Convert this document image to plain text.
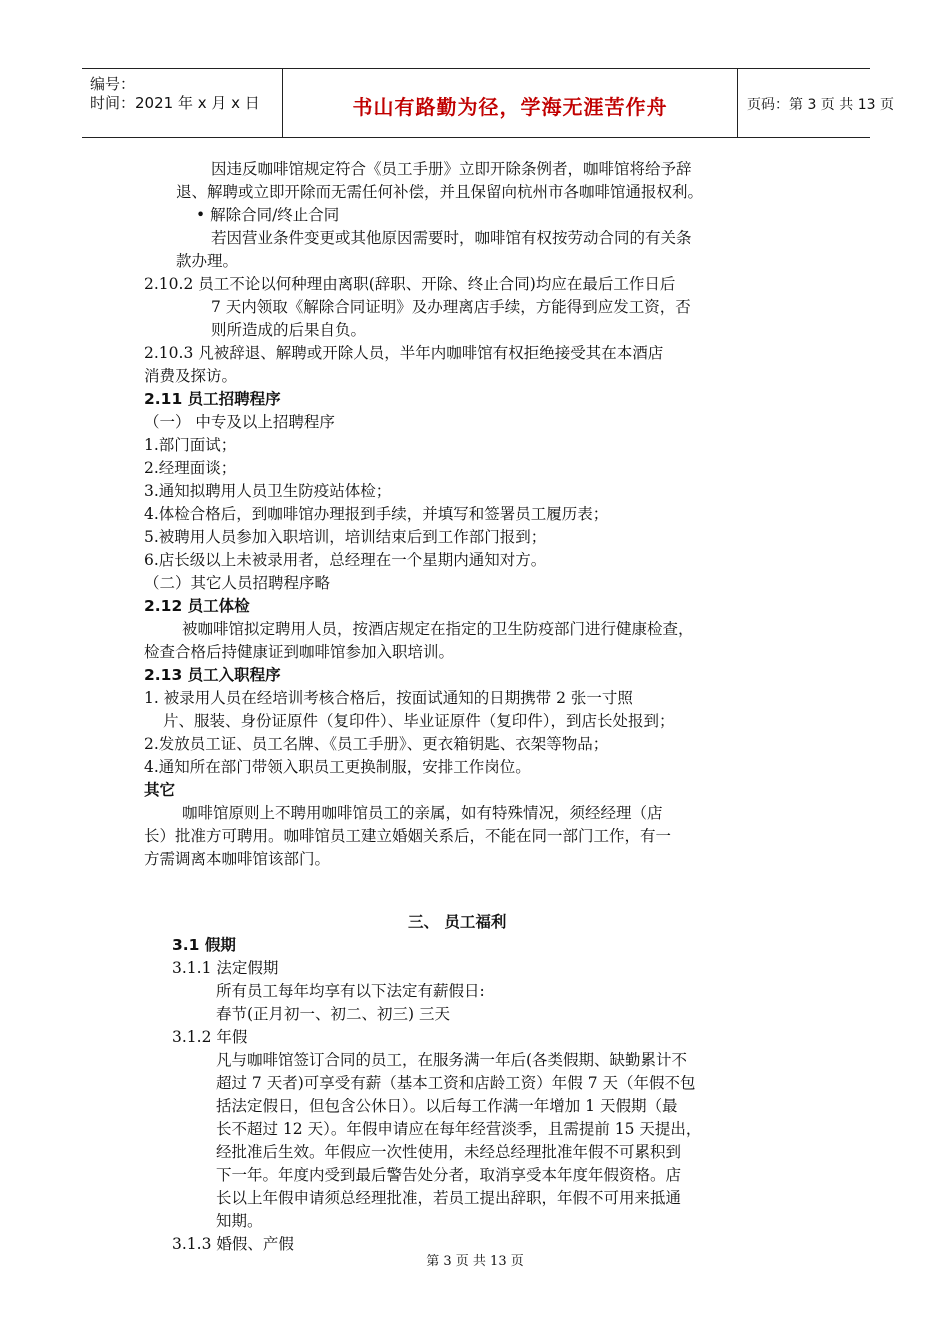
编号：
时间：2021 年 x 月 x 日	书山有路勤为径，学海无涯苦作舟	页码：第 3 页 共 13 页
因违反咖啡馆规定符合《员工手册》立即开除条例者，咖啡馆将给予辞
退、解聘或立即开除而无需任何补偿，并且保留向杭州市各咖啡馆通报权利。
• 解除合同/终止合同
若因营业条件变更或其他原因需要时，咖啡馆有权按劳动合同的有关条
款办理。
2.10.2 员工不论以何种理由离职(辞职、开除、终止合同)均应在最后工作日后
7 天内领取《解除合同证明》及办理离店手续，方能得到应发工资，否
则所造成的后果自负。
2.10.3 凡被辞退、解聘或开除人员，半年内咖啡馆有权拒绝接受其在本酒店
消费及探访。
2.11 员工招聘程序
（一） 中专及以上招聘程序
1.部门面试；
2.经理面谈；
3.通知拟聘用人员卫生防疫站体检；
4.体检合格后，到咖啡馆办理报到手续，并填写和签署员工履历表；
5.被聘用人员参加入职培训，培训结束后到工作部门报到；
6.店长级以上未被录用者，总经理在一个星期内通知对方。
（二）其它人员招聘程序略
2.12 员工体检
被咖啡馆拟定聘用人员，按酒店规定在指定的卫生防疫部门进行健康检查，
检查合格后持健康证到咖啡馆参加入职培训。
2.13 员工入职程序
1. 被录用人员在经培训考核合格后，按面试通知的日期携带 2 张一寸照
片、服装、身份证原件（复印件）、毕业证原件（复印件），到店长处报到；
2.发放员工证、员工名牌、《员工手册》、更衣箱钥匙、衣架等物品；
4.通知所在部门带领入职员工更换制服，安排工作岗位。
其它
咖啡馆原则上不聘用咖啡馆员工的亲属，如有特殊情况，须经经理（店
长）批准方可聘用。咖啡馆员工建立婚姻关系后，不能在同一部门工作，有一
方需调离本咖啡馆该部门。
三、 员工福利
3.1 假期
3.1.1 法定假期
所有员工每年均享有以下法定有薪假日:
春节(正月初一、初二、初三) 三天
3.1.2 年假
凡与咖啡馆签订合同的员工，在服务满一年后(各类假期、缺勤累计不
超过 7 天者)可享受有薪（基本工资和店龄工资）年假 7 天（年假不包
括法定假日，但包含公休日）。以后每工作满一年增加 1 天假期（最
长不超过 12 天）。年假申请应在每年经营淡季，且需提前 15 天提出，
经批准后生效。年假应一次性使用，未经总经理批准年假不可累积到
下一年。年度内受到最后警告处分者，取消享受本年度年假资格。店
长以上年假申请须总经理批准，若员工提出辞职，年假不可用来抵通
知期。
3.1.3 婚假、产假
第 3 页 共 13 页
